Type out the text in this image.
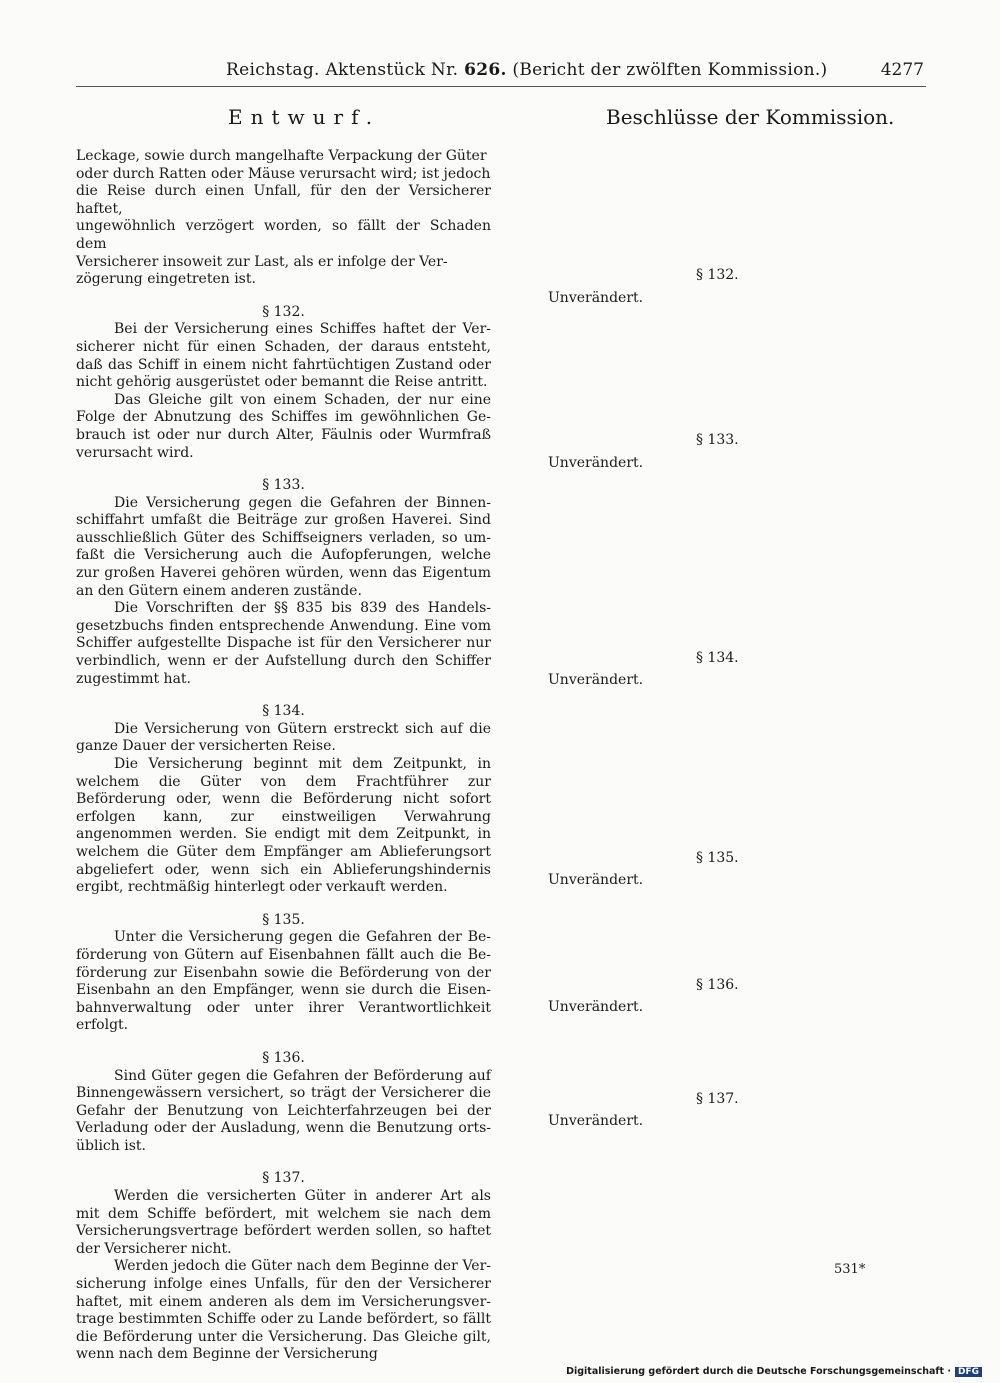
Reichstag. Aktenstück Nr. 626. (Bericht der zwölften Kommission.)	4277
Entwurf.	Beschlüsse der Kommission.

Leckage, sowie durch mangelhafte Verpackung der Güter

oder durch Ratten oder Mäuse verursacht wird; ist jedoch

die Reise durch einen Unfall, für den der Versicherer haftet,

ungewöhnlich verzögert worden, so fällt der Schaden dem

Versicherer insoweit zur Last, als er infolge der Ver-

zögerung eingetreten ist.

§ 132.

Bei der Versicherung eines Schiffes haftet der Ver- sicherer nicht für einen Schaden, der daraus entsteht, daß das Schiff in einem nicht fahrtüchtigen Zustand oder nicht gehörig ausgerüstet oder bemannt die Reise antritt.

Das Gleiche gilt von einem Schaden, der nur eine Folge der Abnutzung des Schiffes im gewöhnlichen Ge- brauch ist oder nur durch Alter, Fäulnis oder Wurmfraß verursacht wird.

§ 133.

Die Versicherung gegen die Gefahren der Binnen- schiffahrt umfaßt die Beiträge zur großen Haverei. Sind ausschließlich Güter des Schiffseigners verladen, so um- faßt die Versicherung auch die Aufopferungen, welche zur großen Haverei gehören würden, wenn das Eigentum an den Gütern einem anderen zustände.

Die Vorschriften der §§ 835 bis 839 des Handels- gesetzbuchs finden entsprechende Anwendung. Eine vom Schiffer aufgestellte Dispache ist für den Versicherer nur verbindlich, wenn er der Aufstellung durch den Schiffer zugestimmt hat.

§ 134.

Die Versicherung von Gütern erstreckt sich auf die ganze Dauer der versicherten Reise.

Die Versicherung beginnt mit dem Zeitpunkt, in welchem die Güter von dem Frachtführer zur Beförderung oder, wenn die Beförderung nicht sofort erfolgen kann, zur einstweiligen Verwahrung angenommen werden. Sie endigt mit dem Zeitpunkt, in welchem die Güter dem Empfänger am Ablieferungsort abgeliefert oder, wenn sich ein Ablieferungshindernis ergibt, rechtmäßig hinterlegt oder verkauft werden.

§ 135.

Unter die Versicherung gegen die Gefahren der Be- förderung von Gütern auf Eisenbahnen fällt auch die Be- förderung zur Eisenbahn sowie die Beförderung von der Eisenbahn an den Empfänger, wenn sie durch die Eisen- bahnverwaltung oder unter ihrer Verantwortlichkeit erfolgt.

§ 136.

Sind Güter gegen die Gefahren der Beförderung auf Binnengewässern versichert, so trägt der Versicherer die Gefahr der Benutzung von Leichterfahrzeugen bei der Verladung oder der Ausladung, wenn die Benutzung orts- üblich ist.

§ 137.

Werden die versicherten Güter in anderer Art als mit dem Schiffe befördert, mit welchem sie nach dem Versicherungsvertrage befördert werden sollen, so haftet der Versicherer nicht.

Werden jedoch die Güter nach dem Beginne der Ver- sicherung infolge eines Unfalls, für den der Versicherer haftet, mit einem anderen als dem im Versicherungsver- trage bestimmten Schiffe oder zu Lande befördert, so fällt die Beförderung unter die Versicherung. Das Gleiche gilt, wenn nach dem Beginne der Versicherung

§ 132.
Unverändert.
§ 133.
Unverändert.
§ 134.
Unverändert.
§ 135.
Unverändert.
§ 136.
Unverändert.
§ 137.
Unverändert.
531*
Digitalisierung gefördert durch die Deutsche Forschungsgemeinschaft · DFG
